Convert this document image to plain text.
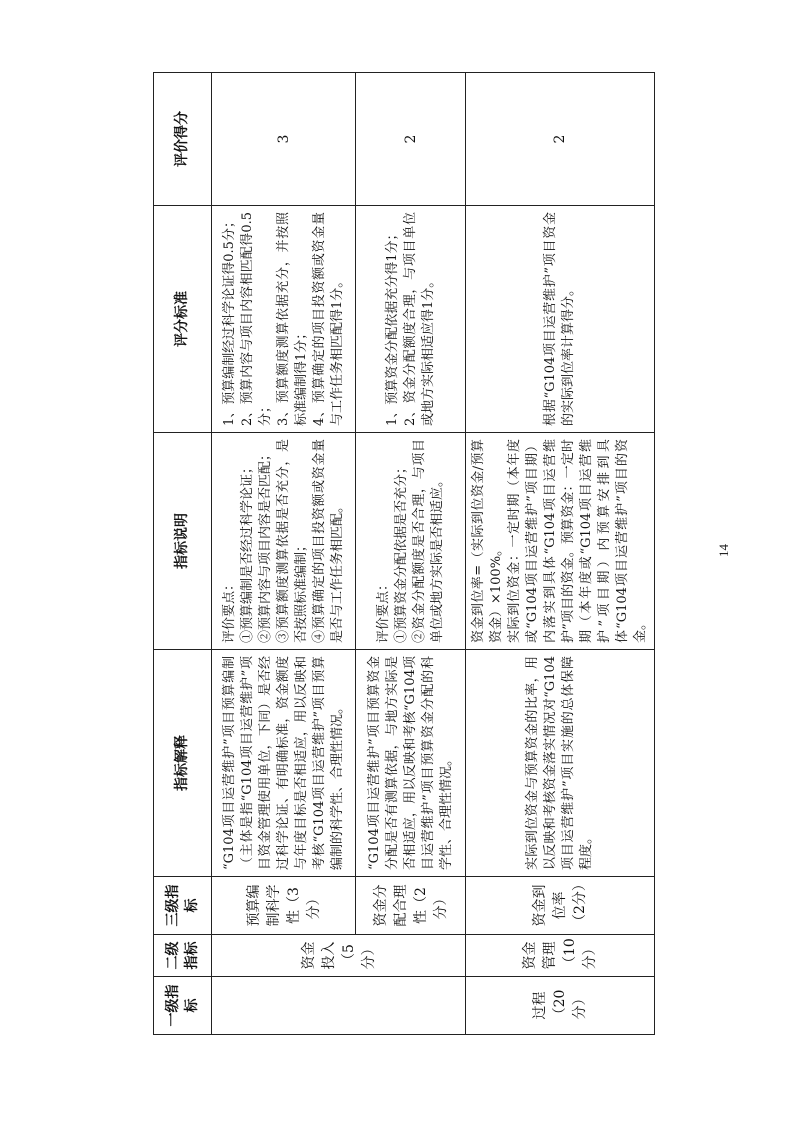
一级指标	二级指标	三级指标	指标解释	指标说明	评分标准	评价得分
	资金投入（5分）	预算编制科学性（3分）	“G104项目运营维护”项目预算编制（主体是指“G104项目运营维护”项目资金管理使用单位，下同）是否经过科学论证、有明确标准，资金额度与年度目标是否相适应，用以反映和考核“G104项目运营维护”项目预算编制的科学性、合理性情况。	评价要点：
①预算编制是否经过科学论证；
②预算内容与项目内容是否匹配；
③预算额度测算依据是否充分，是否按照标准编制；
④预算确定的项目投资额或资金量是否与工作任务相匹配。	1、预算编制经过科学论证得0.5分；
2、预算内容与项目内容相匹配得0.5分；
3、预算额度测算依据充分，并按照标准编制得1分；
4、预算确定的项目投资额或资金量与工作任务相匹配得1分。	3
		资金分配合理性（2分）	“G104项目运营维护”项目预算资金分配是否有测算依据，与地方实际是否相适应，用以反映和考核“G104项目运营维护”项目预算资金分配的科学性、合理性情况。	评价要点：
①预算资金分配依据是否充分；
②资金分配额度是否合理，与项目单位或地方实际是否相适应。	1、预算资金分配依据充分得1分；
2、资金分配额度合理，与项目单位或地方实际相适应得1分。	2
过程（20分）	资金管理（10分）	资金到位率（2分）	实际到位资金与预算资金的比率，用以反映和考核资金落实情况对“G104项目运营维护”项目实施的总体保障程度。	资金到位率=（实际到位资金/预算资金）×100%。
实际到位资金：一定时期（本年度或“G104项目运营维护”项目期）内落实到具体“G104项目运营维护”项目的资金。预算资金：一定时期（本年度或“G104项目运营维护”项目期）内预算安排到具体“G104项目运营维护”项目的资金。	根据“G104项目运营维护”项目资金的实际到位率计算得分。	2
14
